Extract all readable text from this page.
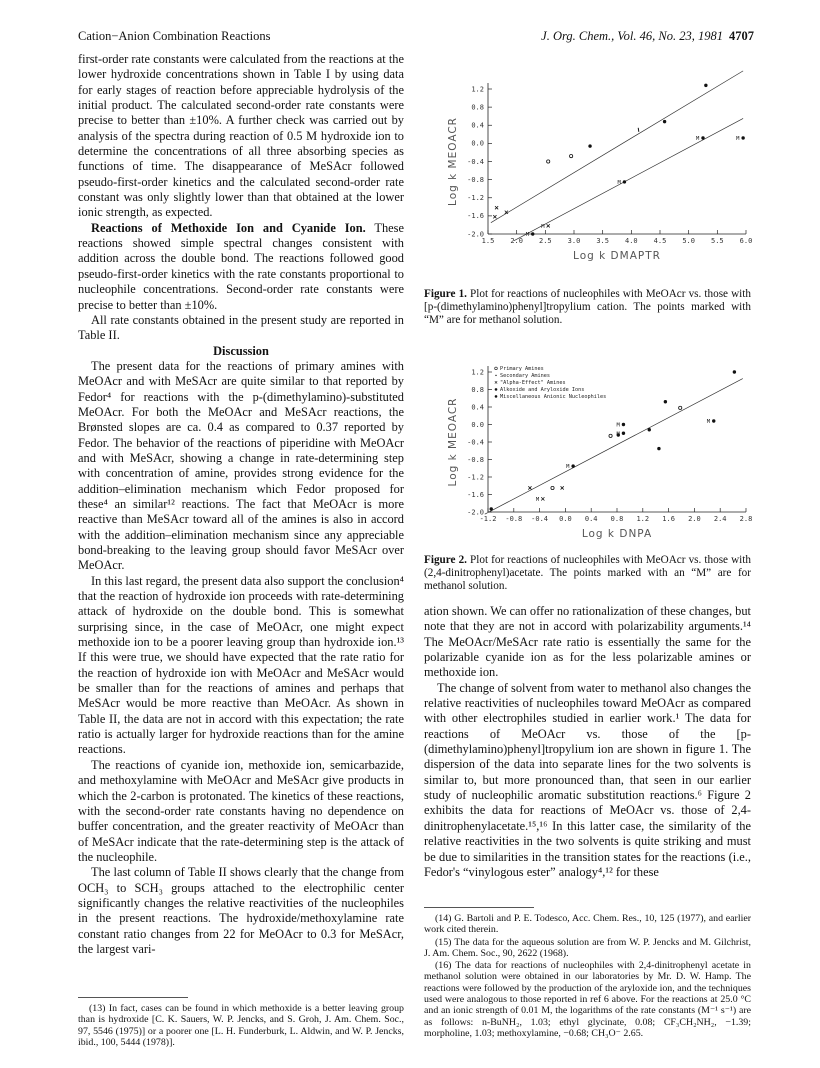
Cation−Anion Combination Reactions	J. Org. Chem., Vol. 46, No. 23, 1981 4707

first-order rate constants were calculated from the reactions at the lower hydroxide concentrations shown in Table I by using data for early stages of reaction before appreciable hydrolysis of the initial product. The calculated second-order rate constants were precise to better than ±10%. A further check was carried out by analysis of the spectra during reaction of 0.5 M hydroxide ion to determine the concentrations of all three absorbing species as functions of time. The disappearance of MeSAcr followed pseudo-first-order kinetics and the calculated second-order rate constant was only slightly lower than that obtained at the lower ionic strength, as expected.

Reactions of Methoxide Ion and Cyanide Ion. These reactions showed simple spectral changes consistent with addition across the double bond. The reactions followed good pseudo-first-order kinetics with the rate constants proportional to nucleophile concentrations. Second-order rate constants were precise to better than ±10%.

All rate constants obtained in the present study are reported in Table II.

Discussion

The present data for the reactions of primary amines with MeOAcr and with MeSAcr are quite similar to that reported by Fedor⁴ for reactions with the p-(dimethylamino)-substituted MeOAcr. For both the MeOAcr and MeSAcr reactions, the Brønsted slopes are ca. 0.4 as compared to 0.37 reported by Fedor. The behavior of the reactions of piperidine with MeOAcr and with MeSAcr, showing a change in rate-determining step with concentration of amine, provides strong evidence for the addition–elimination mechanism which Fedor proposed for these⁴ an similar¹² reactions. The fact that MeOAcr is more reactive than MeSAcr toward all of the amines is also in accord with the addition–elimination mechanism since any appreciable bond-breaking to the leaving group should favor MeSAcr over MeOAcr.

In this last regard, the present data also support the conclusion⁴ that the reaction of hydroxide ion proceeds with rate-determining attack of hydroxide on the double bond. This is somewhat surprising since, in the case of MeOAcr, one might expect methoxide ion to be a poorer leaving group than hydroxide ion.¹³ If this were true, we should have expected that the rate ratio for the reaction of hydroxide ion with MeOAcr and MeSAcr would be smaller than for the reactions of amines and perhaps that MeSAcr would be more reactive than MeOAcr. As shown in Table II, the data are not in accord with this expectation; the rate ratio is actually larger for hydroxide reactions than for the amine reactions.

The reactions of cyanide ion, methoxide ion, semicarbazide, and methoxylamine with MeOAcr and MeSAcr give products in which the 2-carbon is protonated. The kinetics of these reactions, with the second-order rate constants having no dependence on buffer concentration, and the greater reactivity of MeOAcr than of MeSAcr indicate that the rate-determining step is the attack of the nucleophile.

The last column of Table II shows clearly that the change from OCH₃ to SCH₃ groups attached to the electrophilic center significantly changes the relative reactivities of the nucleophiles in the present reactions. The hydroxide/methoxylamine rate constant ratio changes from 22 for MeOAcr to 0.3 for MeSAcr, the largest vari-

(13) In fact, cases can be found in which methoxide is a better leaving group than is hydroxide [C. K. Sauers, W. P. Jencks, and S. Groh, J. Am. Chem. Soc., 97, 5546 (1975)] or a poorer one [L. H. Funderburk, L. Aldwin, and W. P. Jencks, ibid., 100, 5444 (1978)].

1.2
0.8
0.4
0.0
-0.4
-0.8
-1.2
-1.6
-2.0
1.5 2.0 2.5 3.0 3.5 4.0 4.5 5.0 5.5 6.0
Log k DMAPTR
Log k MEOACR	M	M
M
M
M
Figure 1. Plot for reactions of nucleophiles with MeOAcr vs. those with [p-(dimethylamino)phenyl]tropylium cation. The points marked with “M” are for methanol solution.
1.2
0.8
0.4
0.0
-0.4
-0.8
-1.2
-1.6
-2.0
-1.2 -0.8 -0.4 0.0 0.4 0.8 1.2 1.6 2.0 2.4 2.8
Log k DNPA
Log k MEOACR	M
M
M
M
M
Primary Amines
Secondary Amines
"Alpha-Effect" Amines
Alkoxide and Aryloxide Ions
Miscellaneous Anionic Nucleophiles
Figure 2. Plot for reactions of nucleophiles with MeOAcr vs. those with (2,4-dinitrophenyl)acetate. The points marked with an “M” are for methanol solution.

ation shown. We can offer no rationalization of these changes, but note that they are not in accord with polarizability arguments.¹⁴ The MeOAcr/MeSAcr rate ratio is essentially the same for the polarizable cyanide ion as for the less polarizable amines or methoxide ion.

The change of solvent from water to methanol also changes the relative reactivities of nucleophiles toward MeOAcr as compared with other electrophiles studied in earlier work.¹ The data for reactions of MeOAcr vs. those of the [p-(dimethylamino)phenyl]tropylium ion are shown in figure 1. The dispersion of the data into separate lines for the two solvents is similar to, but more pronounced than, that seen in our earlier study of nucleophilic aromatic substitution reactions.⁶ Figure 2 exhibits the data for reactions of MeOAcr vs. those of 2,4-dinitrophenylacetate.¹⁵,¹⁶ In this latter case, the similarity of the relative reactivities in the two solvents is quite striking and must be due to similarities in the transition states for the reactions (i.e., Fedor's “vinylogous ester” analogy⁴,¹² for these

(14) G. Bartoli and P. E. Todesco, Acc. Chem. Res., 10, 125 (1977), and earlier work cited therein.

(15) The data for the aqueous solution are from W. P. Jencks and M. Gilchrist, J. Am. Chem. Soc., 90, 2622 (1968).

(16) The data for reactions of nucleophiles with 2,4-dinitrophenyl acetate in methanol solution were obtained in our laboratories by Mr. D. W. Hamp. The reactions were followed by the production of the aryloxide ion, and the techniques used were analogous to those reported in ref 6 above. For the reactions at 25.0 °C and an ionic strength of 0.01 M, the logarithms of the rate constants (M⁻¹ s⁻¹) are as follows: n-BuNH₂, 1.03; ethyl glycinate, 0.08; CF₃CH₂NH₂, −1.39; morpholine, 1.03; methoxylamine, −0.68; CH₃O⁻ 2.65.
